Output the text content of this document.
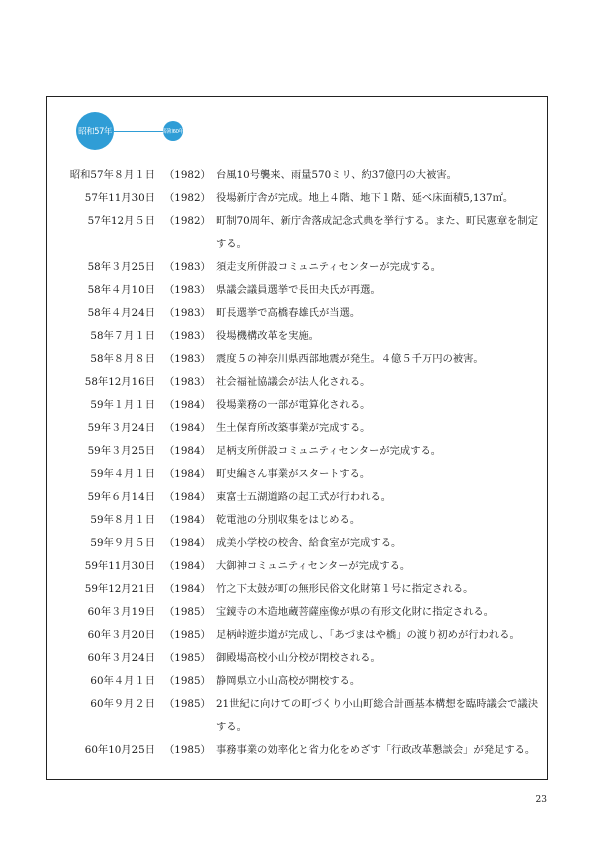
昭和57年	昭和60年
昭和57年８月１日 （1982） 台風10号襲来、雨量570ミリ、約37億円の大被害。
57年11月30日 （1982） 役場新庁舎が完成。地上４階、地下１階、延べ床面積5,137㎡。
57年12月５日 （1982） 町制70周年、新庁舎落成記念式典を挙行する。また、町民憲章を制定する。
58年３月25日 （1983） 須走支所併設コミュニティセンターが完成する。
58年４月10日 （1983） 県議会議員選挙で長田夬氏が再選。
58年４月24日 （1983） 町長選挙で高橋春雄氏が当選。
58年７月１日 （1983） 役場機構改革を実施。
58年８月８日 （1983） 震度５の神奈川県西部地震が発生。４億５千万円の被害。
58年12月16日 （1983） 社会福祉協議会が法人化される。
59年１月１日 （1984） 役場業務の一部が電算化される。
59年３月24日 （1984） 生土保育所改築事業が完成する。
59年３月25日 （1984） 足柄支所併設コミュニティセンターが完成する。
59年４月１日 （1984） 町史編さん事業がスタートする。
59年６月14日 （1984） 東富士五湖道路の起工式が行われる。
59年８月１日 （1984） 乾電池の分別収集をはじめる。
59年９月５日 （1984） 成美小学校の校舎、給食室が完成する。
59年11月30日 （1984） 大御神コミュニティセンターが完成する。
59年12月21日 （1984） 竹之下太鼓が町の無形民俗文化財第１号に指定される。
60年３月19日 （1985） 宝鏡寺の木造地蔵菩薩座像が県の有形文化財に指定される。
60年３月20日 （1985） 足柄峠遊歩道が完成し、「あづまはや橋」の渡り初めが行われる。
60年３月24日 （1985） 御殿場高校小山分校が閉校される。
60年４月１日 （1985） 静岡県立小山高校が開校する。
60年９月２日 （1985） 21世紀に向けての町づくり小山町総合計画基本構想を臨時議会で議決する。
60年10月25日 （1985） 事務事業の効率化と省力化をめざす「行政改革懇談会」が発足する。
23
